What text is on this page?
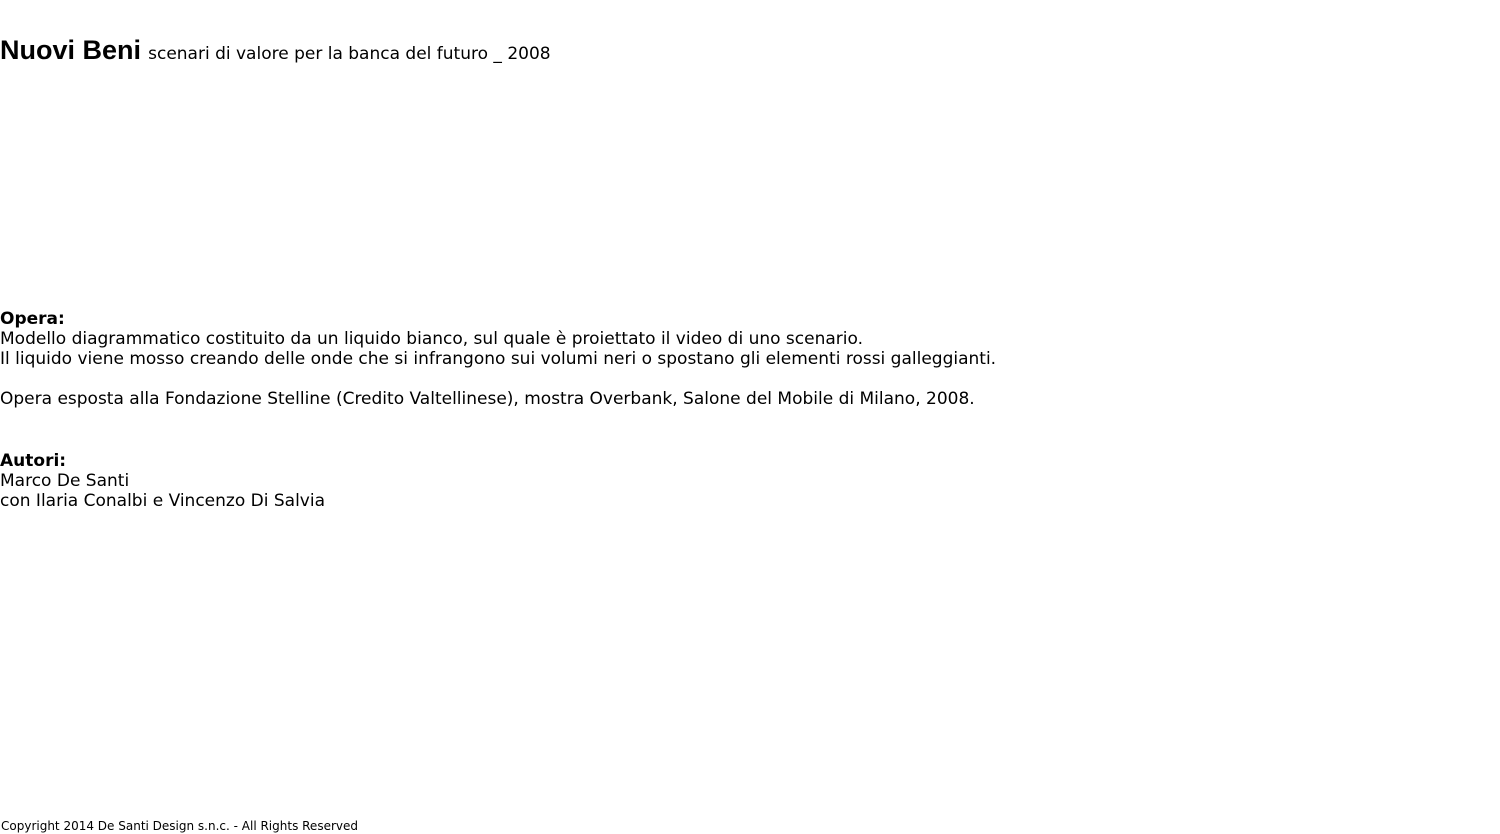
Nuovi Beni scenari di valore per la banca del futuro _ 2008
Opera:
Modello diagrammatico costituito da un liquido bianco, sul quale è proiettato il video di uno scenario.
Il liquido viene mosso creando delle onde che si infrangono sui volumi neri o spostano gli elementi rossi galleggianti.
Opera esposta alla Fondazione Stelline (Credito Valtellinese), mostra Overbank, Salone del Mobile di Milano, 2008.
Autori:
Marco De Santi
con Ilaria Conalbi e Vincenzo Di Salvia
Copyright 2014 De Santi Design s.n.c. - All Rights Reserved
